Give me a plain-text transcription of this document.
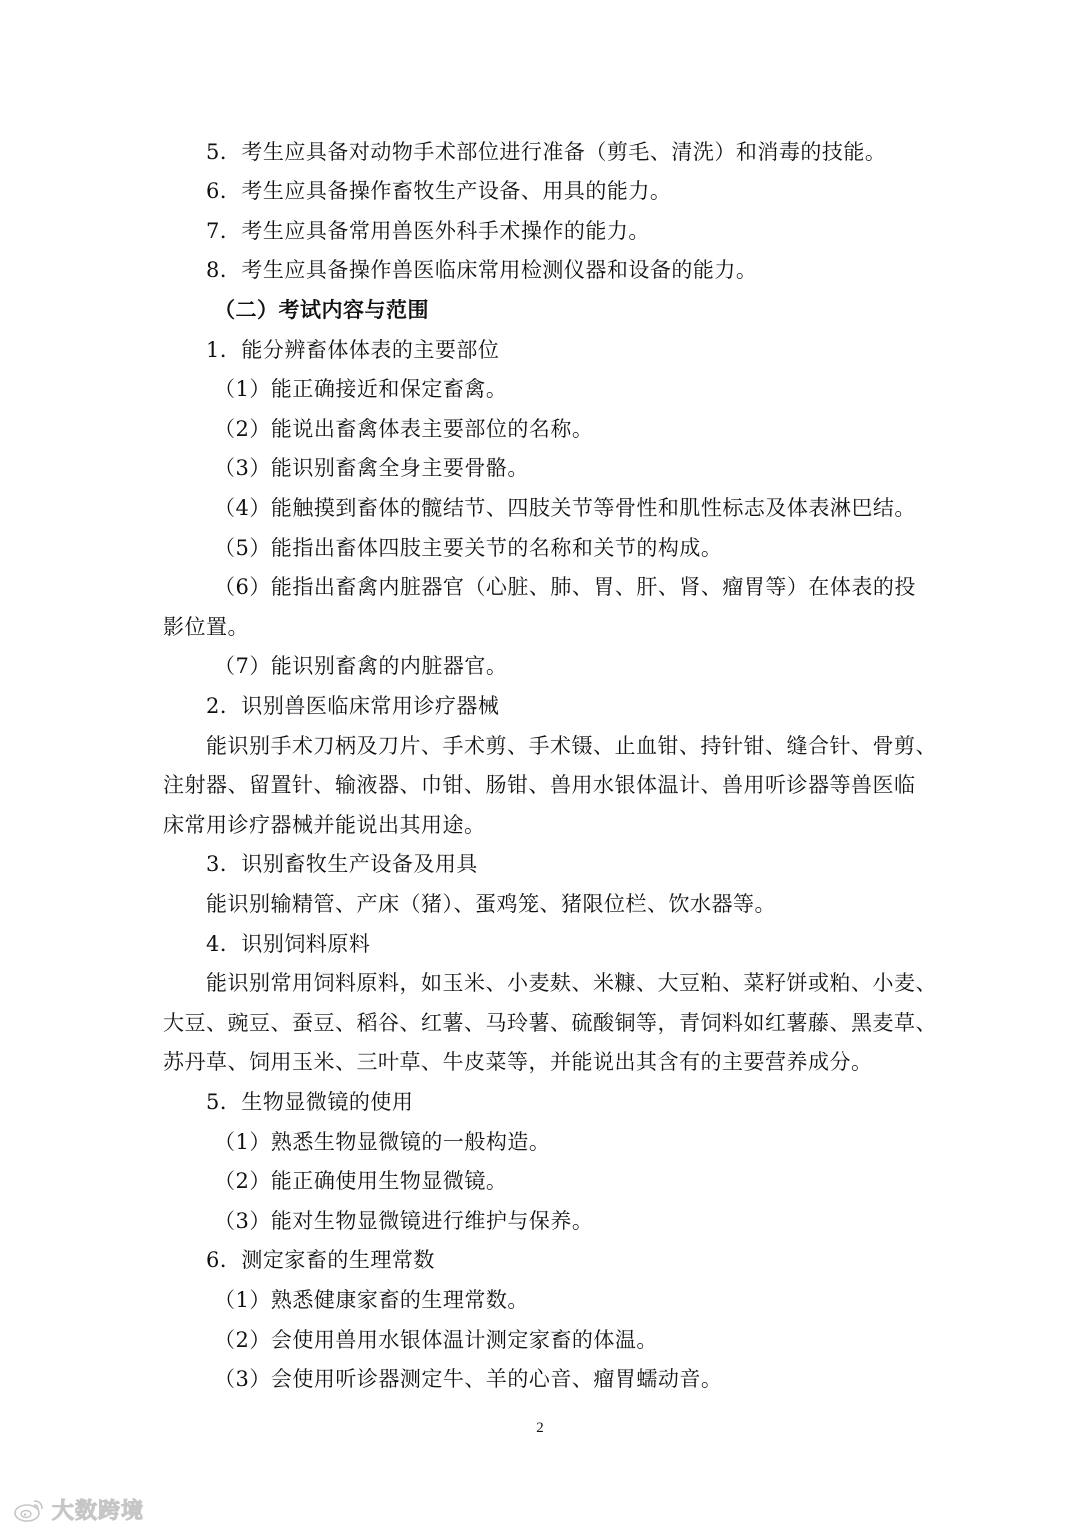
5．考生应具备对动物手术部位进行准备（剪毛、清洗）和消毒的技能。
6．考生应具备操作畜牧生产设备、用具的能力。
7．考生应具备常用兽医外科手术操作的能力。
8．考生应具备操作兽医临床常用检测仪器和设备的能力。
（二）考试内容与范围
1．能分辨畜体体表的主要部位
（1）能正确接近和保定畜禽。
（2）能说出畜禽体表主要部位的名称。
（3）能识别畜禽全身主要骨骼。
（4）能触摸到畜体的髋结节、四肢关节等骨性和肌性标志及体表淋巴结。
（5）能指出畜体四肢主要关节的名称和关节的构成。
（6）能指出畜禽内脏器官（心脏、肺、胃、肝、肾、瘤胃等）在体表的投
影位置。
（7）能识别畜禽的内脏器官。
2．识别兽医临床常用诊疗器械
能识别手术刀柄及刀片、手术剪、手术镊、止血钳、持针钳、缝合针、骨剪、
注射器、留置针、输液器、巾钳、肠钳、兽用水银体温计、兽用听诊器等兽医临
床常用诊疗器械并能说出其用途。
3．识别畜牧生产设备及用具
能识别输精管、产床（猪）、蛋鸡笼、猪限位栏、饮水器等。
4．识别饲料原料
能识别常用饲料原料，如玉米、小麦麸、米糠、大豆粕、菜籽饼或粕、小麦、
大豆、豌豆、蚕豆、稻谷、红薯、马玲薯、硫酸铜等，青饲料如红薯藤、黑麦草、
苏丹草、饲用玉米、三叶草、牛皮菜等，并能说出其含有的主要营养成分。
5．生物显微镜的使用
（1）熟悉生物显微镜的一般构造。
（2）能正确使用生物显微镜。
（3）能对生物显微镜进行维护与保养。
6．测定家畜的生理常数
（1）熟悉健康家畜的生理常数。
（2）会使用兽用水银体温计测定家畜的体温。
（3）会使用听诊器测定牛、羊的心音、瘤胃蠕动音。
2
大数跨境
